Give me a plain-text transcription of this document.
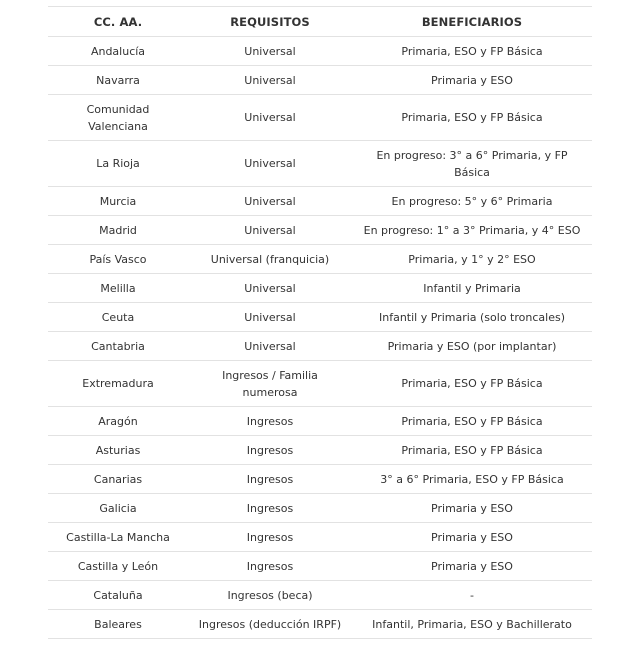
CC. AA.	REQUISITOS	BENEFICIARIOS
Andalucía	Universal	Primaria, ESO y FP Básica
Navarra	Universal	Primaria y ESO
Comunidad Valenciana	Universal	Primaria, ESO y FP Básica
La Rioja	Universal	En progreso: 3° a 6° Primaria, y FP Básica
Murcia	Universal	En progreso: 5° y 6° Primaria
Madrid	Universal	En progreso: 1° a 3° Primaria, y 4° ESO
País Vasco	Universal (franquicia)	Primaria, y 1° y 2° ESO
Melilla	Universal	Infantil y Primaria
Ceuta	Universal	Infantil y Primaria (solo troncales)
Cantabria	Universal	Primaria y ESO (por implantar)
Extremadura	Ingresos / Familia numerosa	Primaria, ESO y FP Básica
Aragón	Ingresos	Primaria, ESO y FP Básica
Asturias	Ingresos	Primaria, ESO y FP Básica
Canarias	Ingresos	3° a 6° Primaria, ESO y FP Básica
Galicia	Ingresos	Primaria y ESO
Castilla-La Mancha	Ingresos	Primaria y ESO
Castilla y León	Ingresos	Primaria y ESO
Cataluña	Ingresos (beca)	-
Baleares	Ingresos (deducción IRPF)	Infantil, Primaria, ESO y Bachillerato
